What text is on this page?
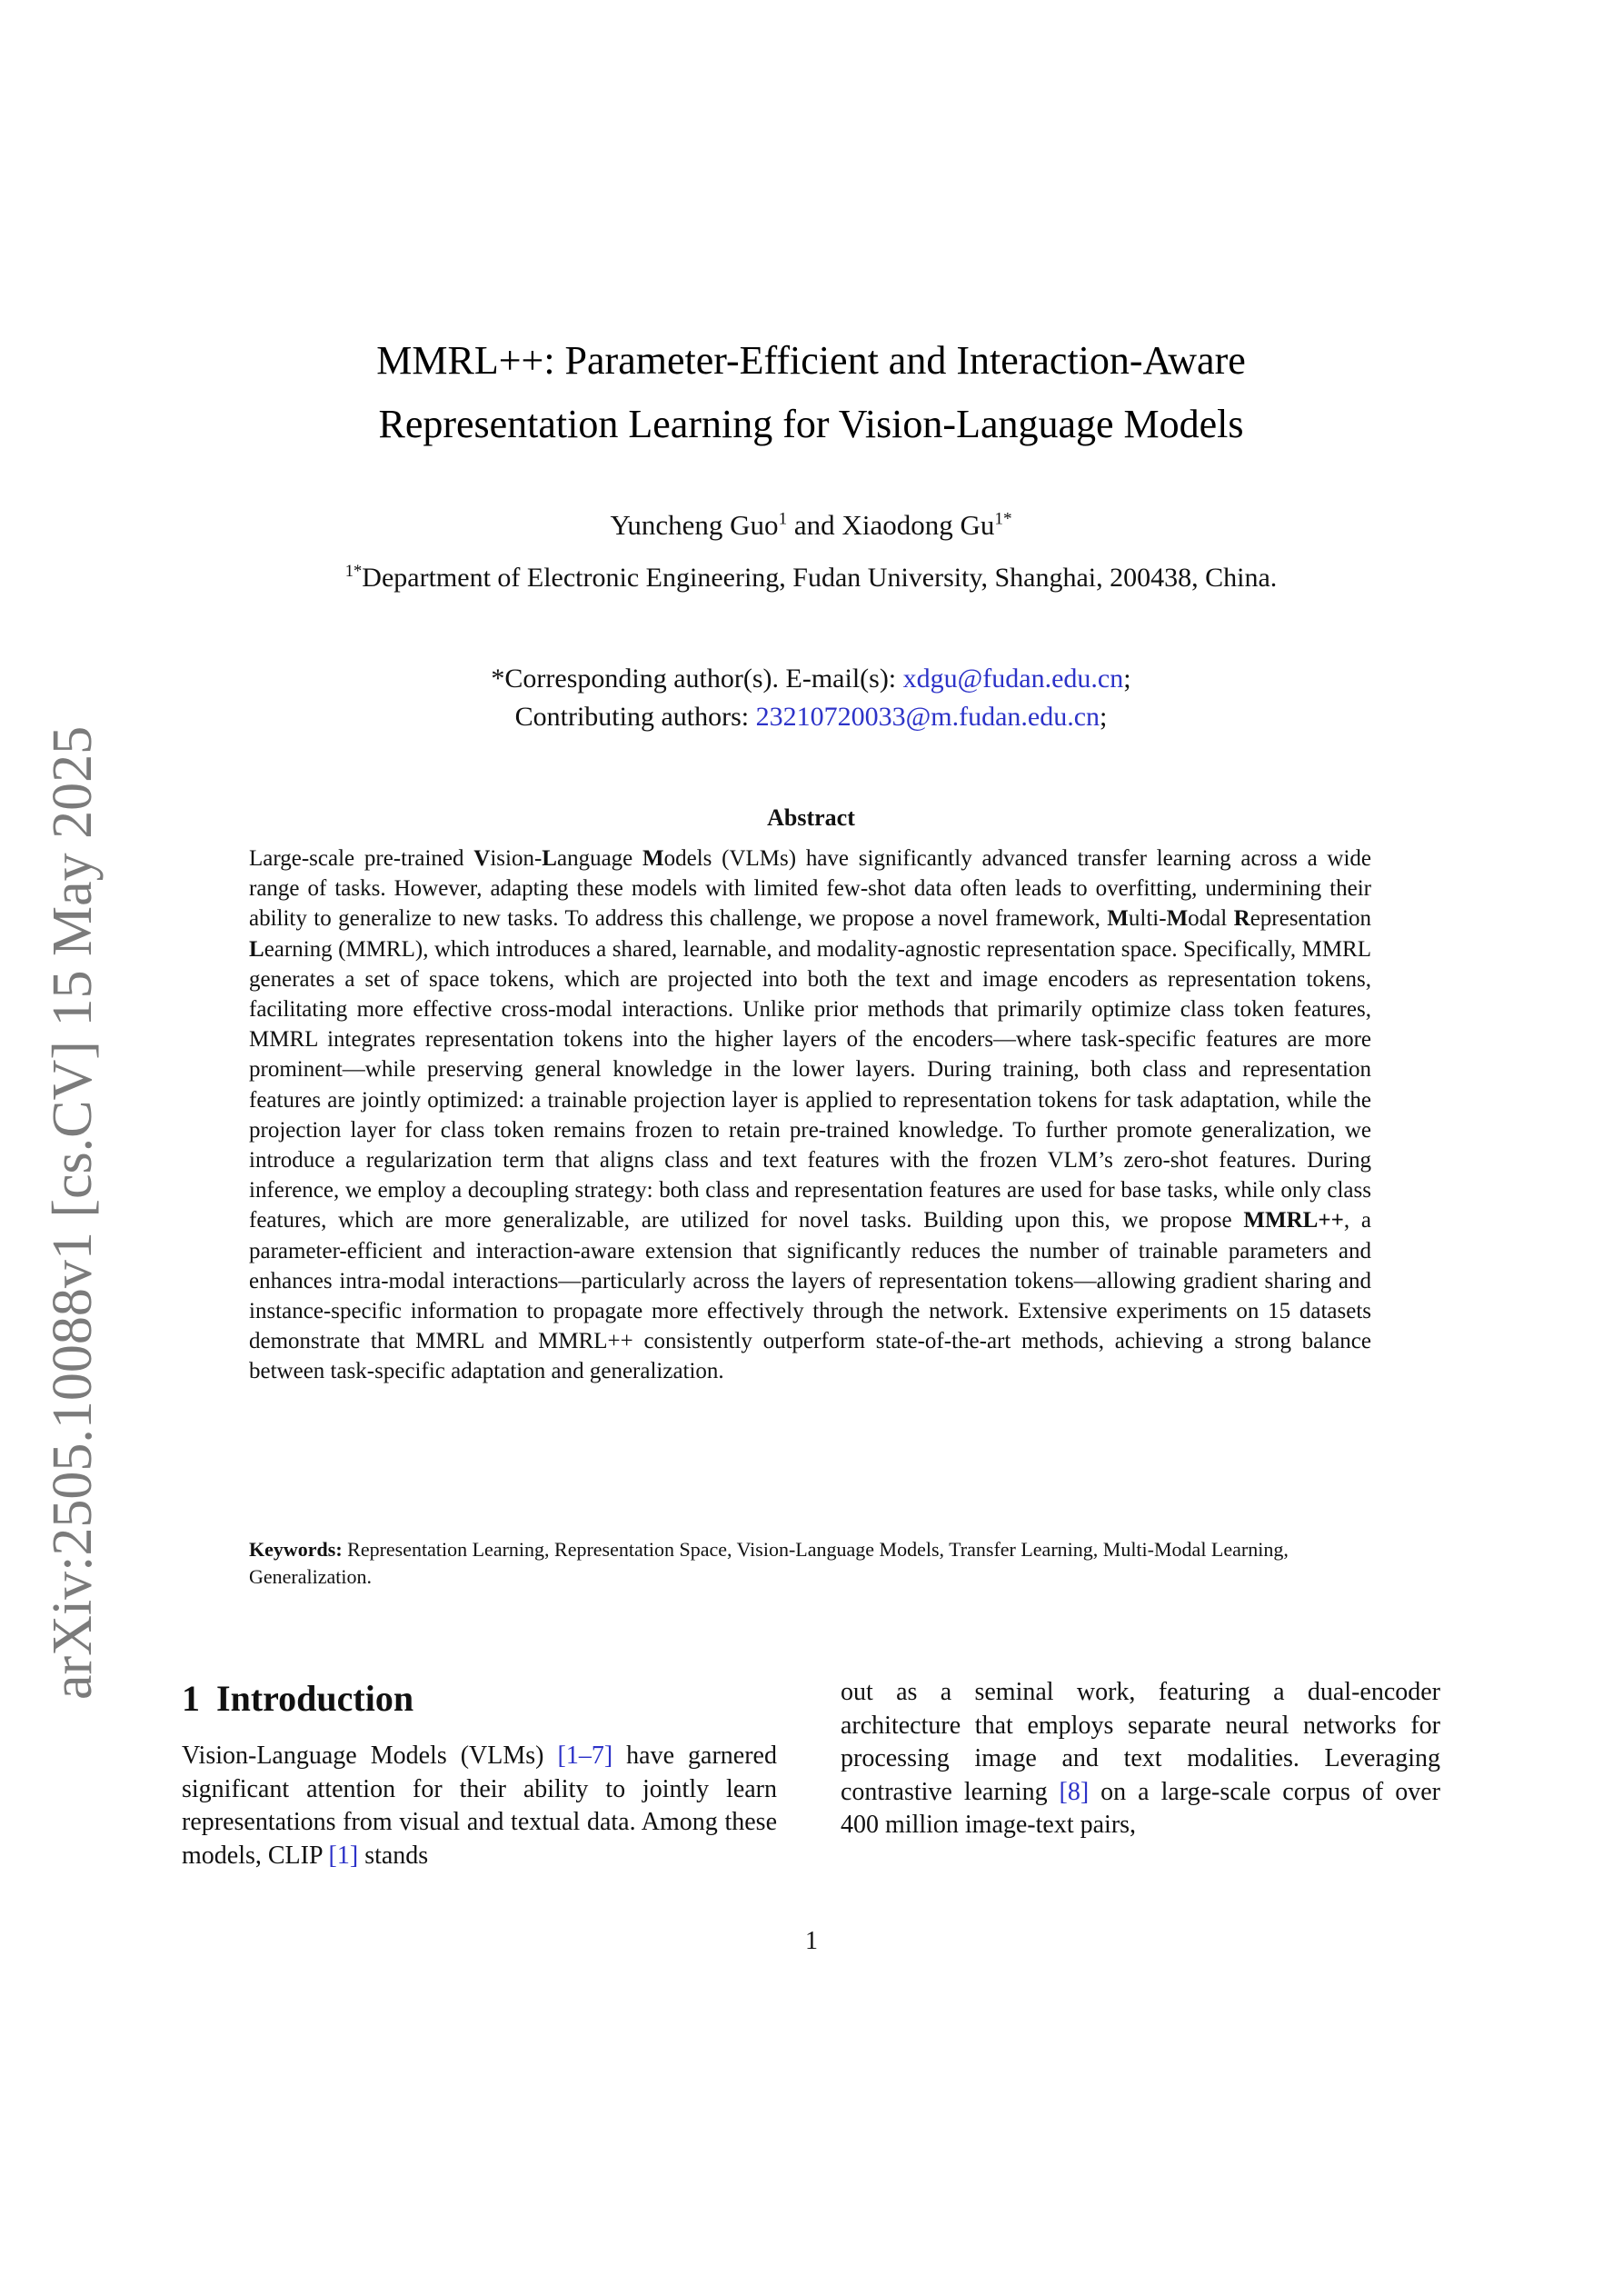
arXiv:2505.10088v1 [cs.CV] 15 May 2025
MMRL++: Parameter-Efficient and Interaction-Aware
Representation Learning for Vision-Language Models
Yuncheng Guo$^1$ and Xiaodong $Gu^{1*}$
$^{1*}$Department of Electronic Engineering, Fudan University, Shanghai, 200438, China.
*Corresponding author(s). E-mail(s): xdgu@fudan.edu.cn;
Contributing authors: 23210720033@m.fudan.edu.cn;
Abstract
Large-scale pre-trained Vision-Language Models (VLMs) have significantly advanced transfer learning across a wide range of tasks. However, adapting these models with limited few-shot data often leads to overfitting, undermining their ability to generalize to new tasks. To address this challenge, we propose a novel framework, Multi-Modal Representation Learning (MMRL), which introduces a shared, learnable, and modality-agnostic representation space. Specifically, MMRL generates a set of space tokens, which are projected into both the text and image encoders as representation tokens, facilitating more effective cross-modal interactions. Unlike prior methods that primarily optimize class token features, MMRL integrates representation tokens into the higher layers of the encoders—where task-specific features are more prominent—while preserving general knowledge in the lower layers. During training, both class and representation features are jointly optimized: a trainable projection layer is applied to representation tokens for task adaptation, while the projection layer for class token remains frozen to retain pre-trained knowledge. To further promote generalization, we introduce a regularization term that aligns class and text features with the frozen VLM’s zero-shot features. During inference, we employ a decoupling strategy: both class and representation features are used for base tasks, while only class features, which are more generalizable, are utilized for novel tasks. Building upon this, we propose MMRL++, a parameter-efficient and interaction-aware extension that significantly reduces the number of trainable parameters and enhances intra-modal interactions—particularly across the layers of representation tokens—allowing gradient sharing and instance-specific information to propagate more effectively through the network. Extensive experiments on 15 datasets demonstrate that MMRL and MMRL++ consistently outperform state-of-the-art methods, achieving a strong balance between task-specific adaptation and generalization.
Keywords: Representation Learning, Representation Space, Vision-Language Models, Transfer Learning, Multi-Modal Learning, Generalization.
1 Introduction
Vision-Language Models (VLMs) [1–7] have garnered significant attention for their ability to jointly learn representations from visual and textual data. Among these models, CLIP [1] stands
out as a seminal work, featuring a dual-encoder architecture that employs separate neural networks for processing image and text modalities. Leveraging contrastive learning [8] on a large-scale corpus of over 400 million image-text pairs,
1
